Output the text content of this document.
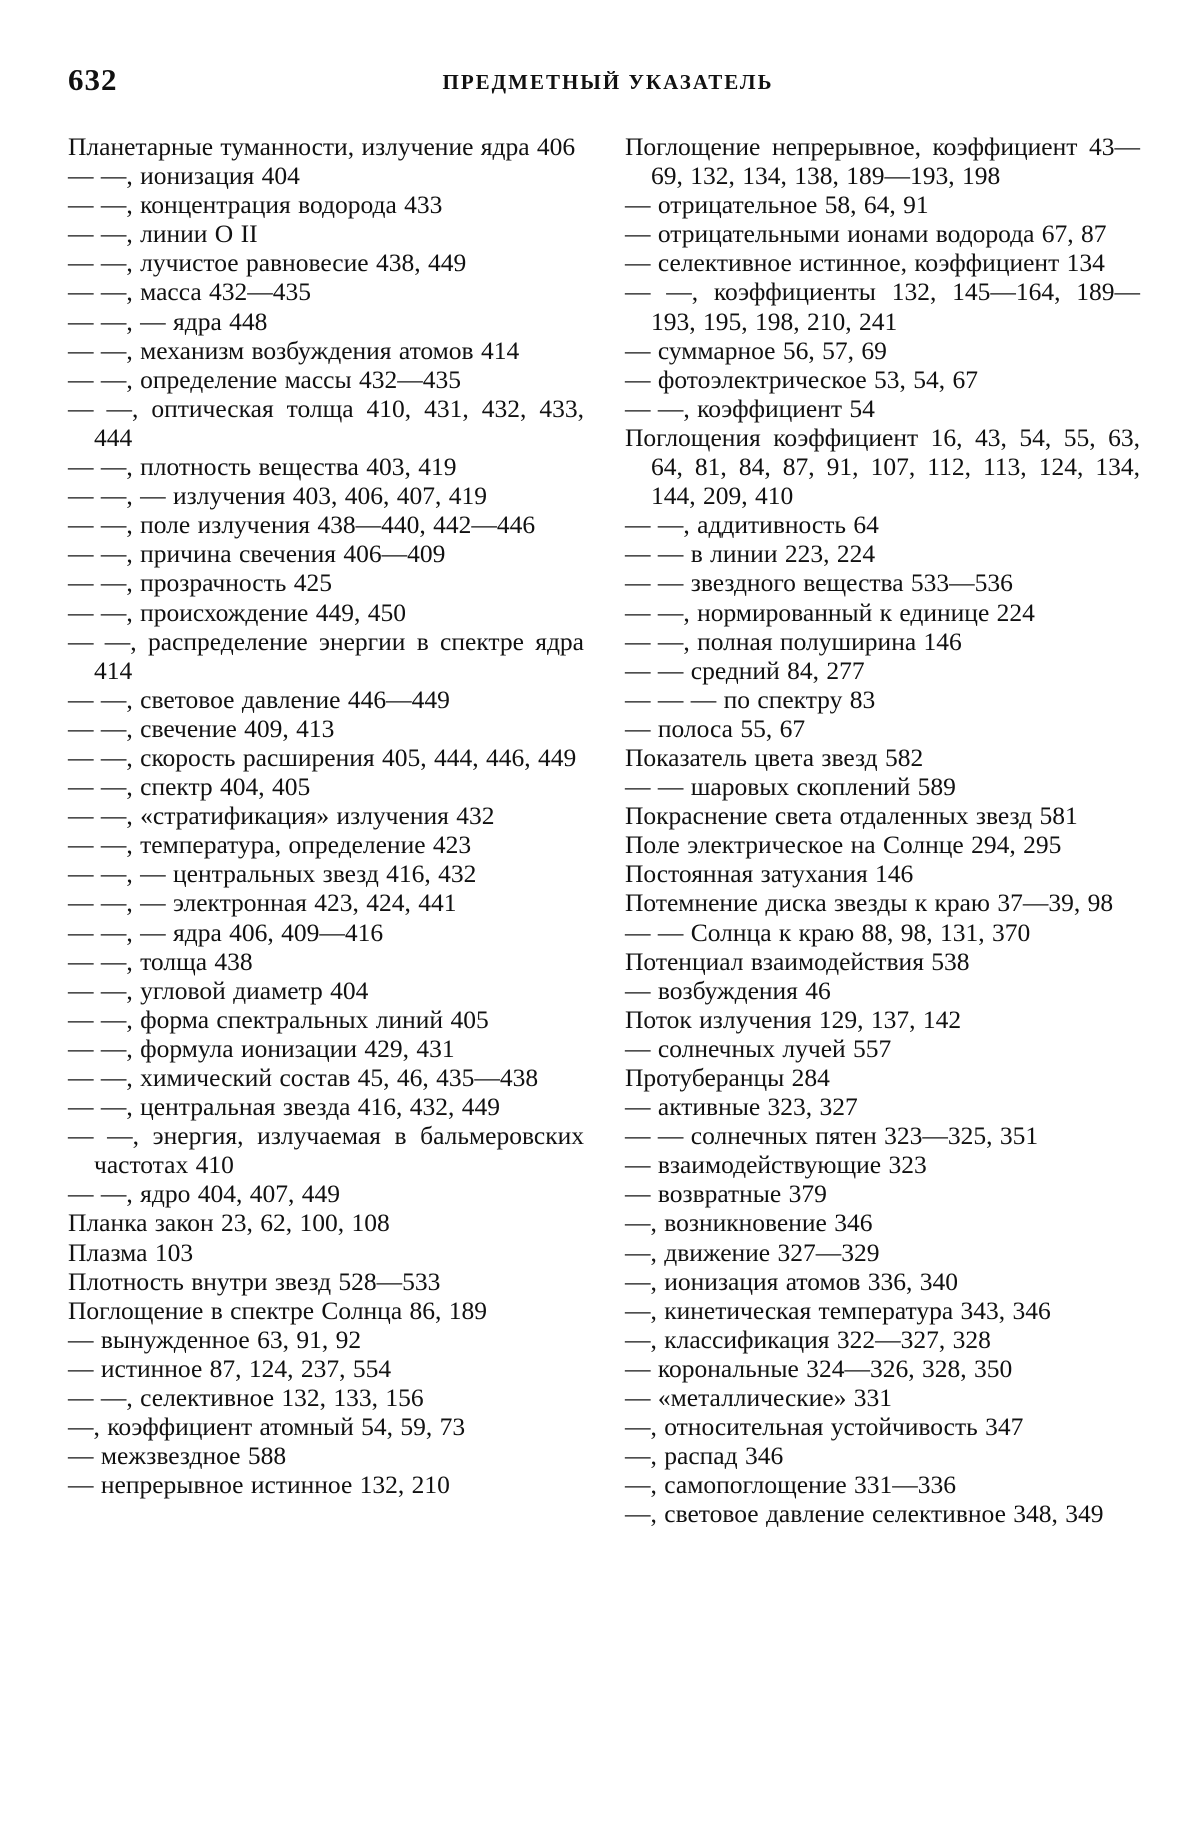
632	ПРЕДМЕТНЫЙ УКАЗАТЕЛЬ

Планетарные туманности, излучение ядра 406

— —, ионизация 404

— —, концентрация водорода 433

— —, линии O II

— —, лучистое равновесие 438, 449

— —, масса 432—435

— —, — ядра 448

— —, механизм возбуждения атомов 414

— —, определение массы 432—435

— —, оптическая толща 410, 431, 432, 433, 444

— —, плотность вещества 403, 419

— —, — излучения 403, 406, 407, 419

— —, поле излучения 438—440, 442—446

— —, причина свечения 406—409

— —, прозрачность 425

— —, происхождение 449, 450

— —, распределение энергии в спектре ядра 414

— —, световое давление 446—449

— —, свечение 409, 413

— —, скорость расширения 405, 444, 446, 449

— —, спектр 404, 405

— —, «стратификация» излучения 432

— —, температура, определение 423

— —, — центральных звезд 416, 432

— —, — электронная 423, 424, 441

— —, — ядра 406, 409—416

— —, толща 438

— —, угловой диаметр 404

— —, форма спектральных линий 405

— —, формула ионизации 429, 431

— —, химический состав 45, 46, 435—438

— —, центральная звезда 416, 432, 449

— —, энергия, излучаемая в бальмеровских частотах 410

— —, ядро 404, 407, 449

Планка закон 23, 62, 100, 108

Плазма 103

Плотность внутри звезд 528—533

Поглощение в спектре Солнца 86, 189

— вынужденное 63, 91, 92

— истинное 87, 124, 237, 554

— —, селективное 132, 133, 156

—, коэффициент атомный 54, 59, 73

— межзвездное 588

— непрерывное истинное 132, 210

Поглощение непрерывное, коэффициент 43—69, 132, 134, 138, 189—193, 198

— отрицательное 58, 64, 91

— отрицательными ионами водорода 67, 87

— селективное истинное, коэффициент 134

— —, коэффициенты 132, 145—164, 189—193, 195, 198, 210, 241

— суммарное 56, 57, 69

— фотоэлектрическое 53, 54, 67

— —, коэффициент 54

Поглощения коэффициент 16, 43, 54, 55, 63, 64, 81, 84, 87, 91, 107, 112, 113, 124, 134, 144, 209, 410

— —, аддитивность 64

— — в линии 223, 224

— — звездного вещества 533—536

— —, нормированный к единице 224

— —, полная полуширина 146

— — средний 84, 277

— — — по спектру 83

— полоса 55, 67

Показатель цвета звезд 582

— — шаровых скоплений 589

Покраснение света отдаленных звезд 581

Поле электрическое на Солнце 294, 295

Постоянная затухания 146

Потемнение диска звезды к краю 37—39, 98

— — Солнца к краю 88, 98, 131, 370

Потенциал взаимодействия 538

— возбуждения 46

Поток излучения 129, 137, 142

— солнечных лучей 557

Протуберанцы 284

— активные 323, 327

— — солнечных пятен 323—325, 351

— взаимодействующие 323

— возвратные 379

—, возникновение 346

—, движение 327—329

—, ионизация атомов 336, 340

—, кинетическая температура 343, 346

—, классификация 322—327, 328

— корональные 324—326, 328, 350

— «металлические» 331

—, относительная устойчивость 347

—, распад 346

—, самопоглощение 331—336

—, световое давление селективное 348, 349
